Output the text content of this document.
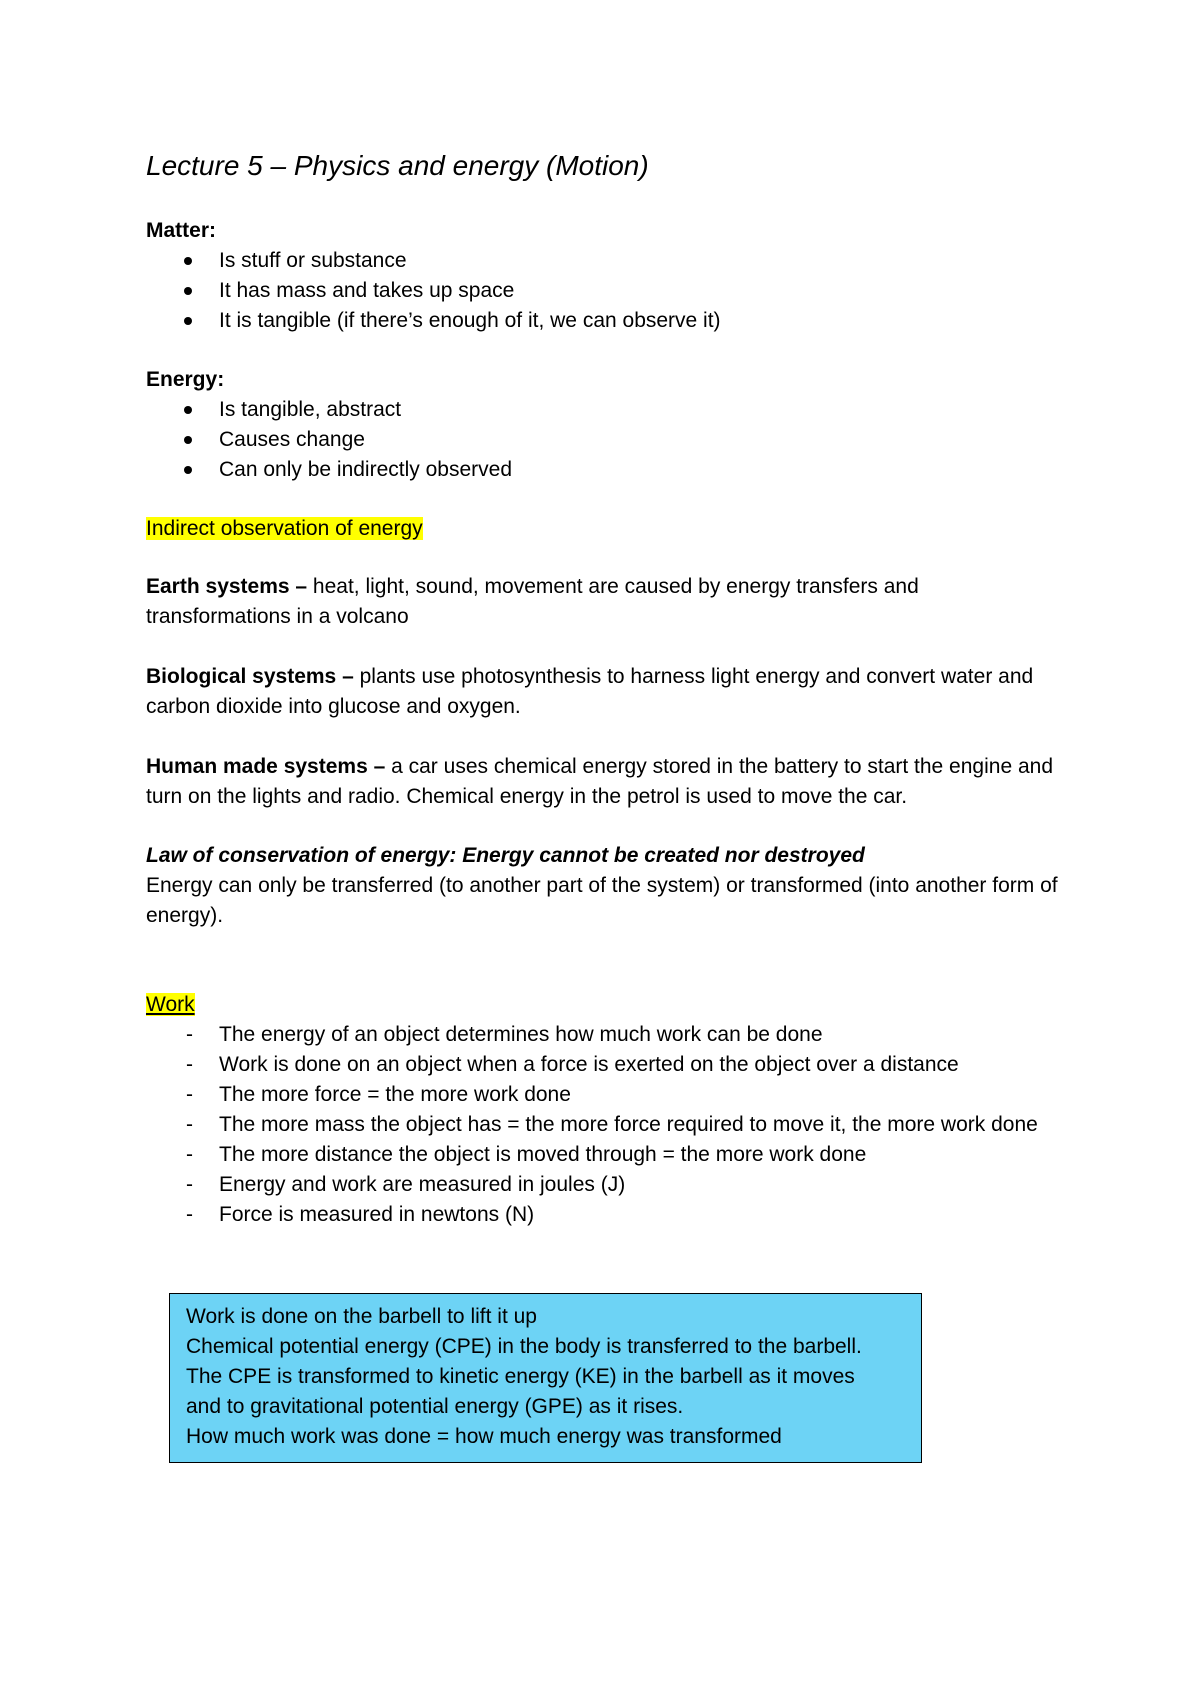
Lecture 5 – Physics and energy (Motion)
Matter:
Is stuff or substance
It has mass and takes up space
It is tangible (if there’s enough of it, we can observe it)
Energy:
Is tangible, abstract
Causes change
Can only be indirectly observed
Indirect observation of energy
Earth systems – heat, light, sound, movement are caused by energy transfers and transformations in a volcano
Biological systems – plants use photosynthesis to harness light energy and convert water and carbon dioxide into glucose and oxygen.
Human made systems – a car uses chemical energy stored in the battery to start the engine and turn on the lights and radio. Chemical energy in the petrol is used to move the car.
Law of conservation of energy: Energy cannot be created nor destroyed
Energy can only be transferred (to another part of the system) or transformed (into another form of energy).
Work
- The energy of an object determines how much work can be done
- Work is done on an object when a force is exerted on the object over a distance
- The more force = the more work done
- The more mass the object has = the more force required to move it, the more work done
- The more distance the object is moved through = the more work done
- Energy and work are measured in joules (J)
- Force is measured in newtons (N)
Work is done on the barbell to lift it up
Chemical potential energy (CPE) in the body is transferred to the barbell.
The CPE is transformed to kinetic energy (KE) in the barbell as it moves
and to gravitational potential energy (GPE) as it rises.
How much work was done = how much energy was transformed
